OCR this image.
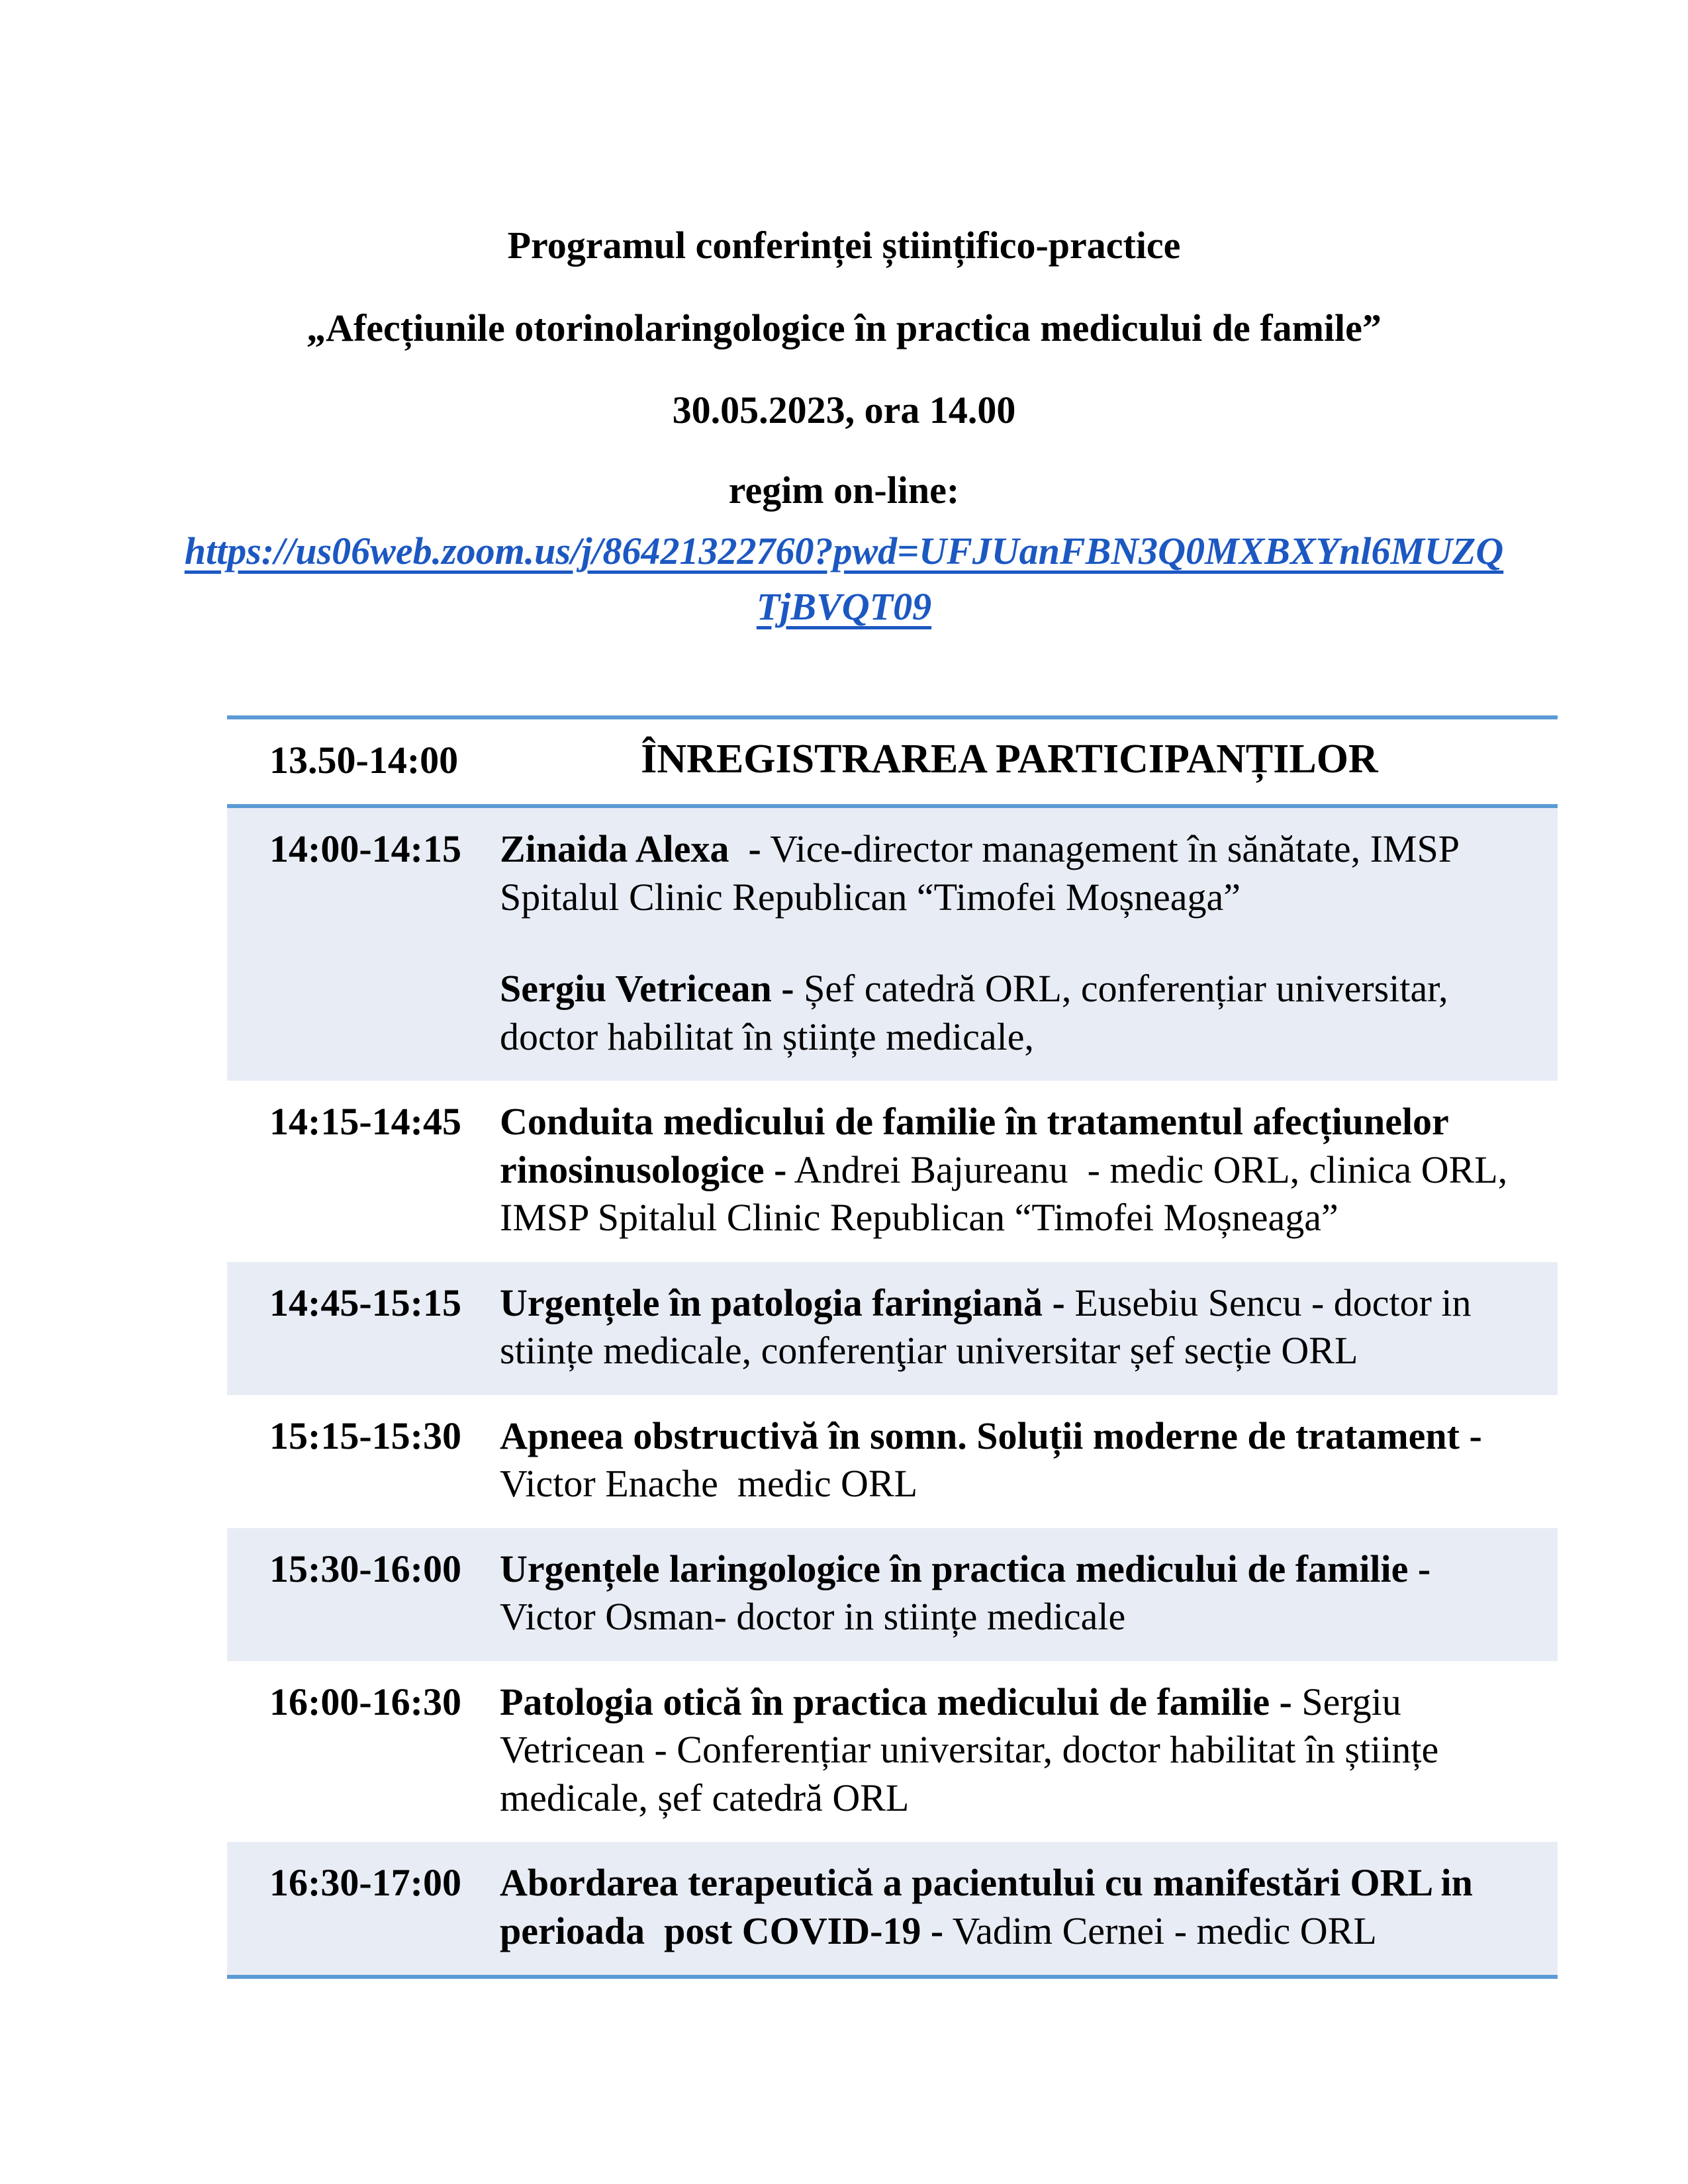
Programul conferinței științifico-practice

„Afecțiunile otorinolaringologice în practica medicului de famile”

30.05.2023, ora 14.00

regim on-line:

https://us06web.zoom.us/j/86421322760?pwd=UFJUanFBN3Q0MXBXYnl6MUZQ
TjBVQT09

13.50-14:00	ÎNREGISTRAREA PARTICIPANȚILOR
14:00-14:15	Zinaida Alexa  - Vice-director management în sănătate, IMSP Spitalul Clinic Republican “Timofei Moșneaga”

Sergiu Vetricean - Șef catedră ORL, conferențiar universitar, doctor habilitat în științe medicale,

14:15-14:45	Conduita medicului de familie în tratamentul afecțiunelor rinosinusologice - Andrei Bajureanu  - medic ORL, clinica ORL, IMSP Spitalul Clinic Republican “Timofei Moșneaga”

14:45-15:15	Urgențele în patologia faringiană - Eusebiu Sencu - doctor in stiințe medicale, conferenţiar universitar șef secție ORL

15:15-15:30	Apneea obstructivă în somn. Soluții moderne de tratament - Victor Enache  medic ORL

15:30-16:00	Urgențele laringologice în practica medicului de familie - Victor Osman- doctor in stiințe medicale

16:00-16:30	Patologia otică în practica medicului de familie - Sergiu Vetricean - Conferențiar universitar, doctor habilitat în științe medicale, șef catedră ORL

16:30-17:00	Abordarea terapeutică a pacientului cu manifestări ORL in perioada  post COVID-19 - Vadim Cernei - medic ORL
